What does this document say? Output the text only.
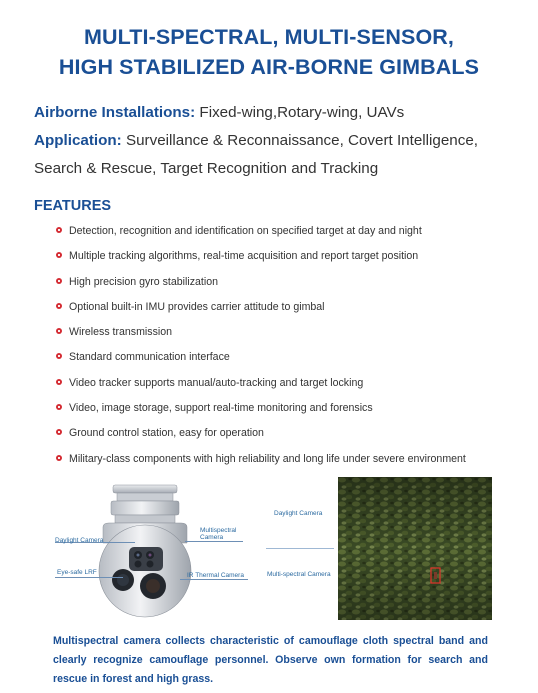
MULTI-SPECTRAL, MULTI-SENSOR,
HIGH STABILIZED AIR-BORNE GIMBALS
Airborne Installations: Fixed-wing,Rotary-wing, UAVs
Application: Surveillance & Reconnaissance, Covert Intelligence,
Search & Rescue, Target Recognition and Tracking
FEATURES
Detection, recognition and identification on specified target at day and night
Multiple tracking algorithms, real-time acquisition and report target position
High precision gyro stabilization
Optional built-in IMU provides carrier attitude to gimbal
Wireless transmission
Standard communication interface
Video tracker supports manual/auto-tracking and target locking
Video, image storage, support real-time monitoring and forensics
Ground control station, easy for operation
Military-class components with high reliability and long life under severe environment
Daylight Camera
Multispectral
Camera
Eye-safe LRF	IR Thermal Camera
Daylight Camera
Multi-spectral Camera
Multispectral camera collects characteristic of camouflage cloth spectral band and clearly recognize camouflage personnel. Observe own formation for search and rescue in forest and high grass.
